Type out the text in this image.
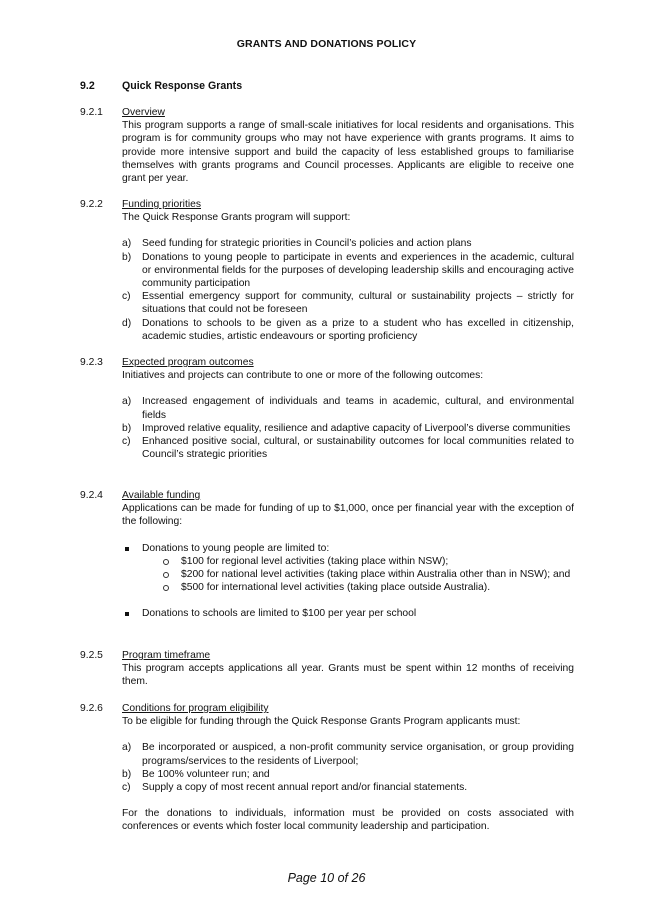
GRANTS AND DONATIONS POLICY
9.2	Quick Response Grants
9.2.1 Overview
This program supports a range of small-scale initiatives for local residents and organisations. This program is for community groups who may not have experience with grants programs. It aims to provide more intensive support and build the capacity of less established groups to familiarise themselves with grants programs and Council processes. Applicants are eligible to receive one grant per year.
9.2.2 Funding priorities
The Quick Response Grants program will support:
a) Seed funding for strategic priorities in Council’s policies and action plans
b) Donations to young people to participate in events and experiences in the academic, cultural or environmental fields for the purposes of developing leadership skills and encouraging active community participation
c) Essential emergency support for community, cultural or sustainability projects – strictly for situations that could not be foreseen
d) Donations to schools to be given as a prize to a student who has excelled in citizenship, academic studies, artistic endeavours or sporting proficiency
9.2.3 Expected program outcomes
Initiatives and projects can contribute to one or more of the following outcomes:
a) Increased engagement of individuals and teams in academic, cultural, and environmental fields
b) Improved relative equality, resilience and adaptive capacity of Liverpool’s diverse communities
c) Enhanced positive social, cultural, or sustainability outcomes for local communities related to Council’s strategic priorities
9.2.4 Available funding
Applications can be made for funding of up to $1,000, once per financial year with the exception of the following:
Donations to young people are limited to:
$100 for regional level activities (taking place within NSW);
$200 for national level activities (taking place within Australia other than in NSW); and
$500 for international level activities (taking place outside Australia).
Donations to schools are limited to $100 per year per school
9.2.5 Program timeframe
This program accepts applications all year. Grants must be spent within 12 months of receiving them.
9.2.6 Conditions for program eligibility
To be eligible for funding through the Quick Response Grants Program applicants must:
a) Be incorporated or auspiced, a non-profit community service organisation, or group providing programs/services to the residents of Liverpool;
b) Be 100% volunteer run; and
c) Supply a copy of most recent annual report and/or financial statements.
For the donations to individuals, information must be provided on costs associated with conferences or events which foster local community leadership and participation.
Page 10 of 26
